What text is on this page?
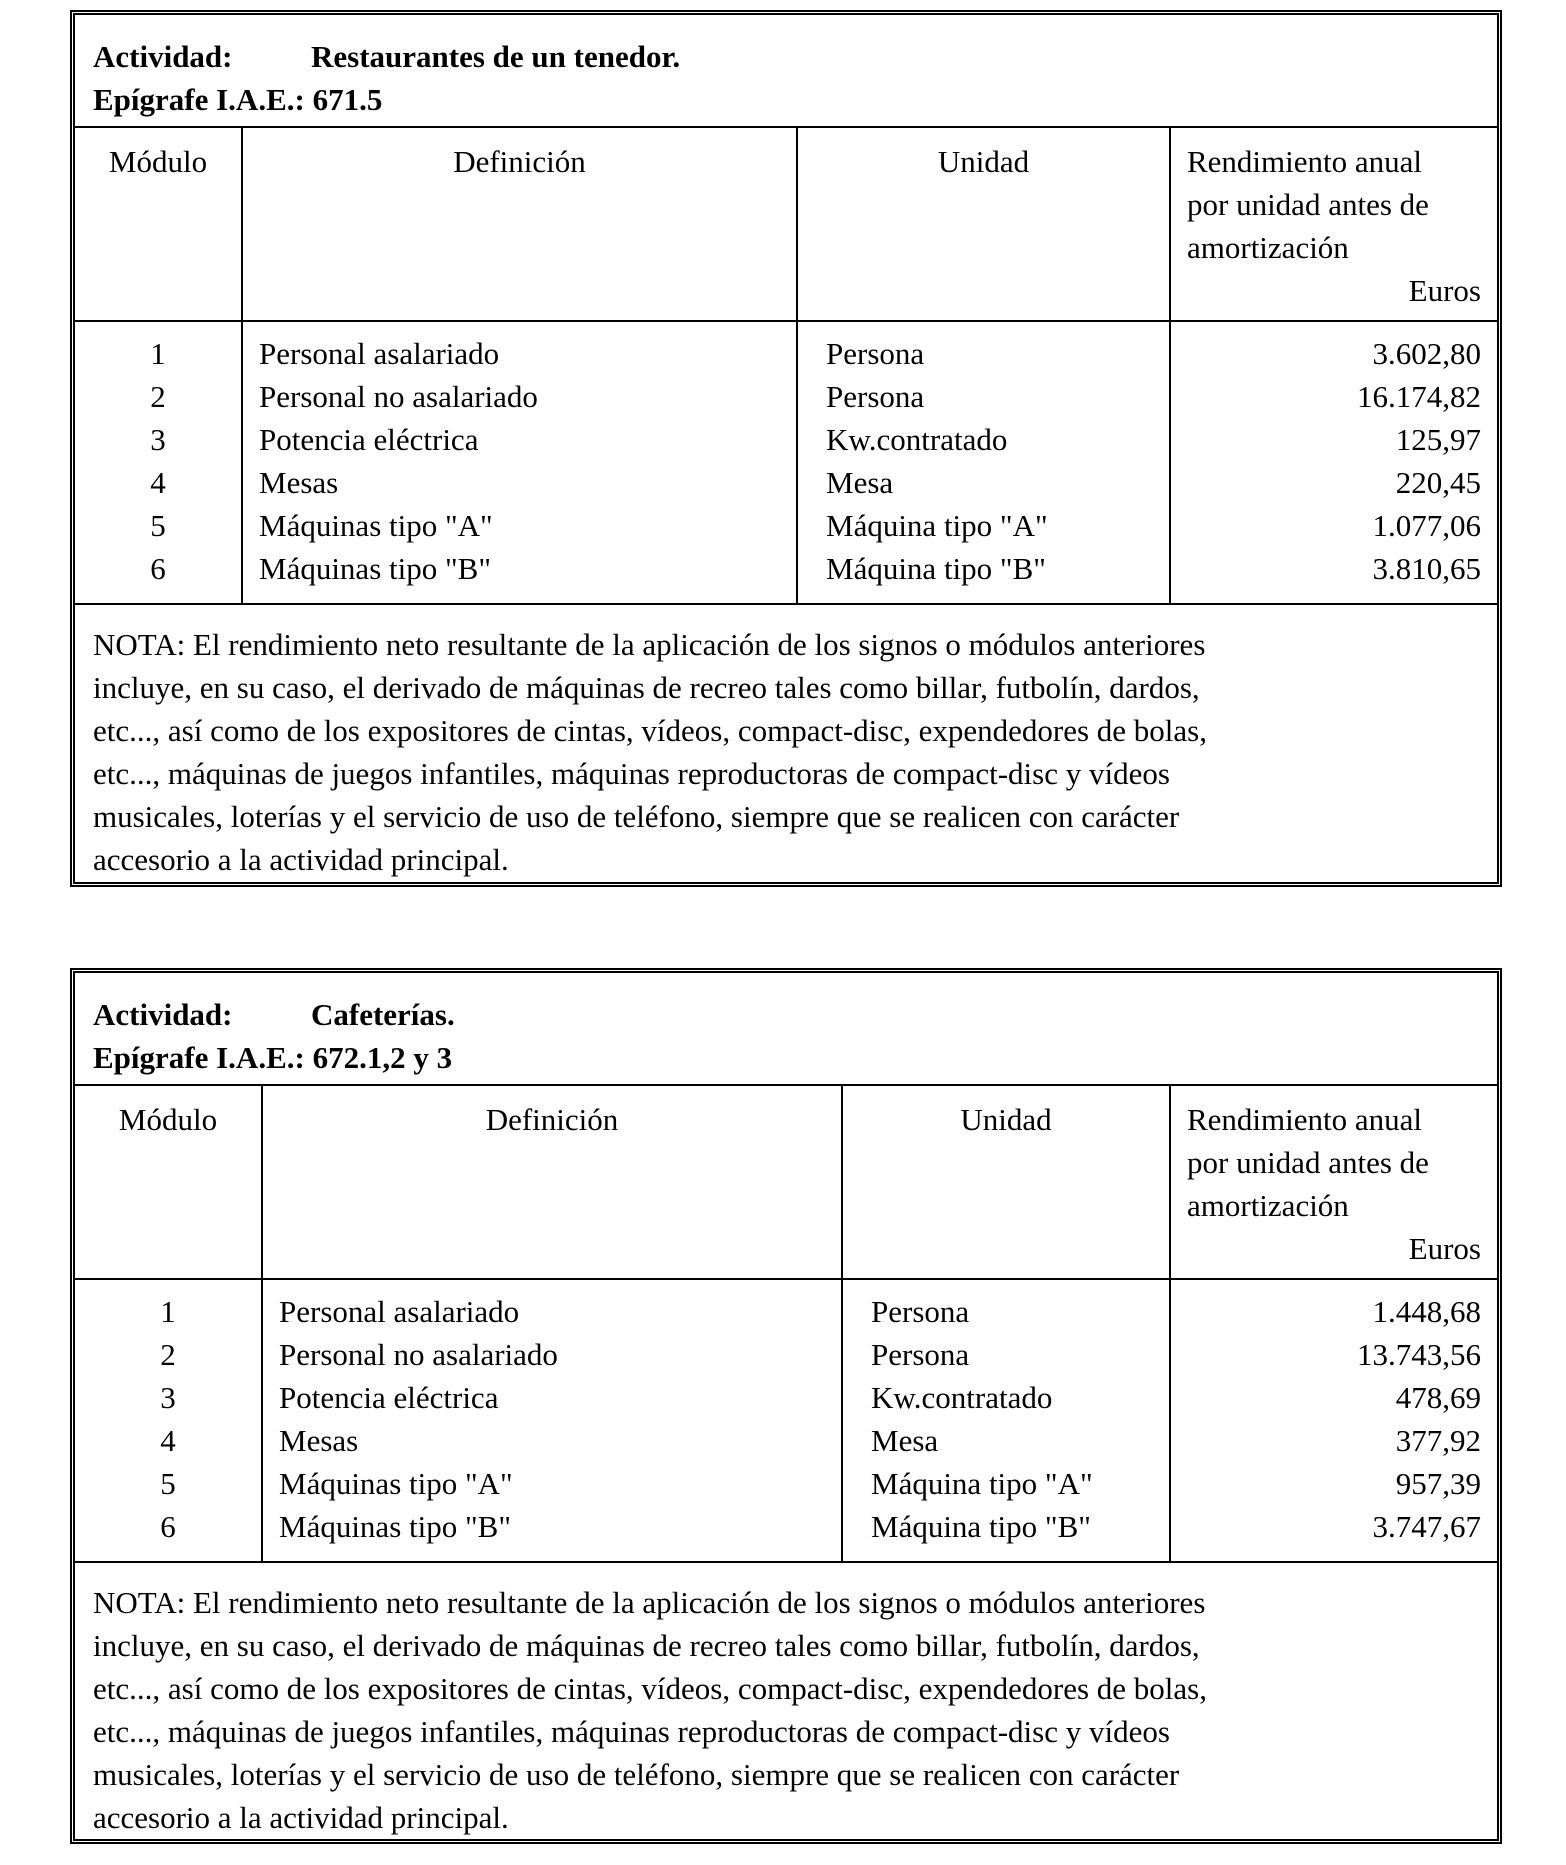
Actividad:	Restaurantes de un tenedor.
Epígrafe I.A.E.: 671.5
Módulo	Definición	Unidad	Rendimiento anual
por unidad antes de
amortización
Euros
1	Personal asalariado	Persona	3.602,80
2	Personal no asalariado	Persona	16.174,82
3	Potencia eléctrica	Kw.contratado	125,97
4	Mesas	Mesa	220,45
5	Máquinas tipo "A"	Máquina tipo "A"	1.077,06
6	Máquinas tipo "B"	Máquina tipo "B"	3.810,65
NOTA: El rendimiento neto resultante de la aplicación de los signos o módulos anteriores
incluye, en su caso, el derivado de máquinas de recreo tales como billar, futbolín, dardos,
etc..., así como de los expositores de cintas, vídeos, compact-disc, expendedores de bolas,
etc..., máquinas de juegos infantiles, máquinas reproductoras de compact-disc y vídeos
musicales, loterías y el servicio de uso de teléfono, siempre que se realicen con carácter
accesorio a la actividad principal.
Actividad:	Cafeterías.
Epígrafe I.A.E.: 672.1,2 y 3
Módulo	Definición	Unidad	Rendimiento anual
por unidad antes de
amortización
Euros
1	Personal asalariado	Persona	1.448,68
2	Personal no asalariado	Persona	13.743,56
3	Potencia eléctrica	Kw.contratado	478,69
4	Mesas	Mesa	377,92
5	Máquinas tipo "A"	Máquina tipo "A"	957,39
6	Máquinas tipo "B"	Máquina tipo "B"	3.747,67
NOTA: El rendimiento neto resultante de la aplicación de los signos o módulos anteriores
incluye, en su caso, el derivado de máquinas de recreo tales como billar, futbolín, dardos,
etc..., así como de los expositores de cintas, vídeos, compact-disc, expendedores de bolas,
etc..., máquinas de juegos infantiles, máquinas reproductoras de compact-disc y vídeos
musicales, loterías y el servicio de uso de teléfono, siempre que se realicen con carácter
accesorio a la actividad principal.
